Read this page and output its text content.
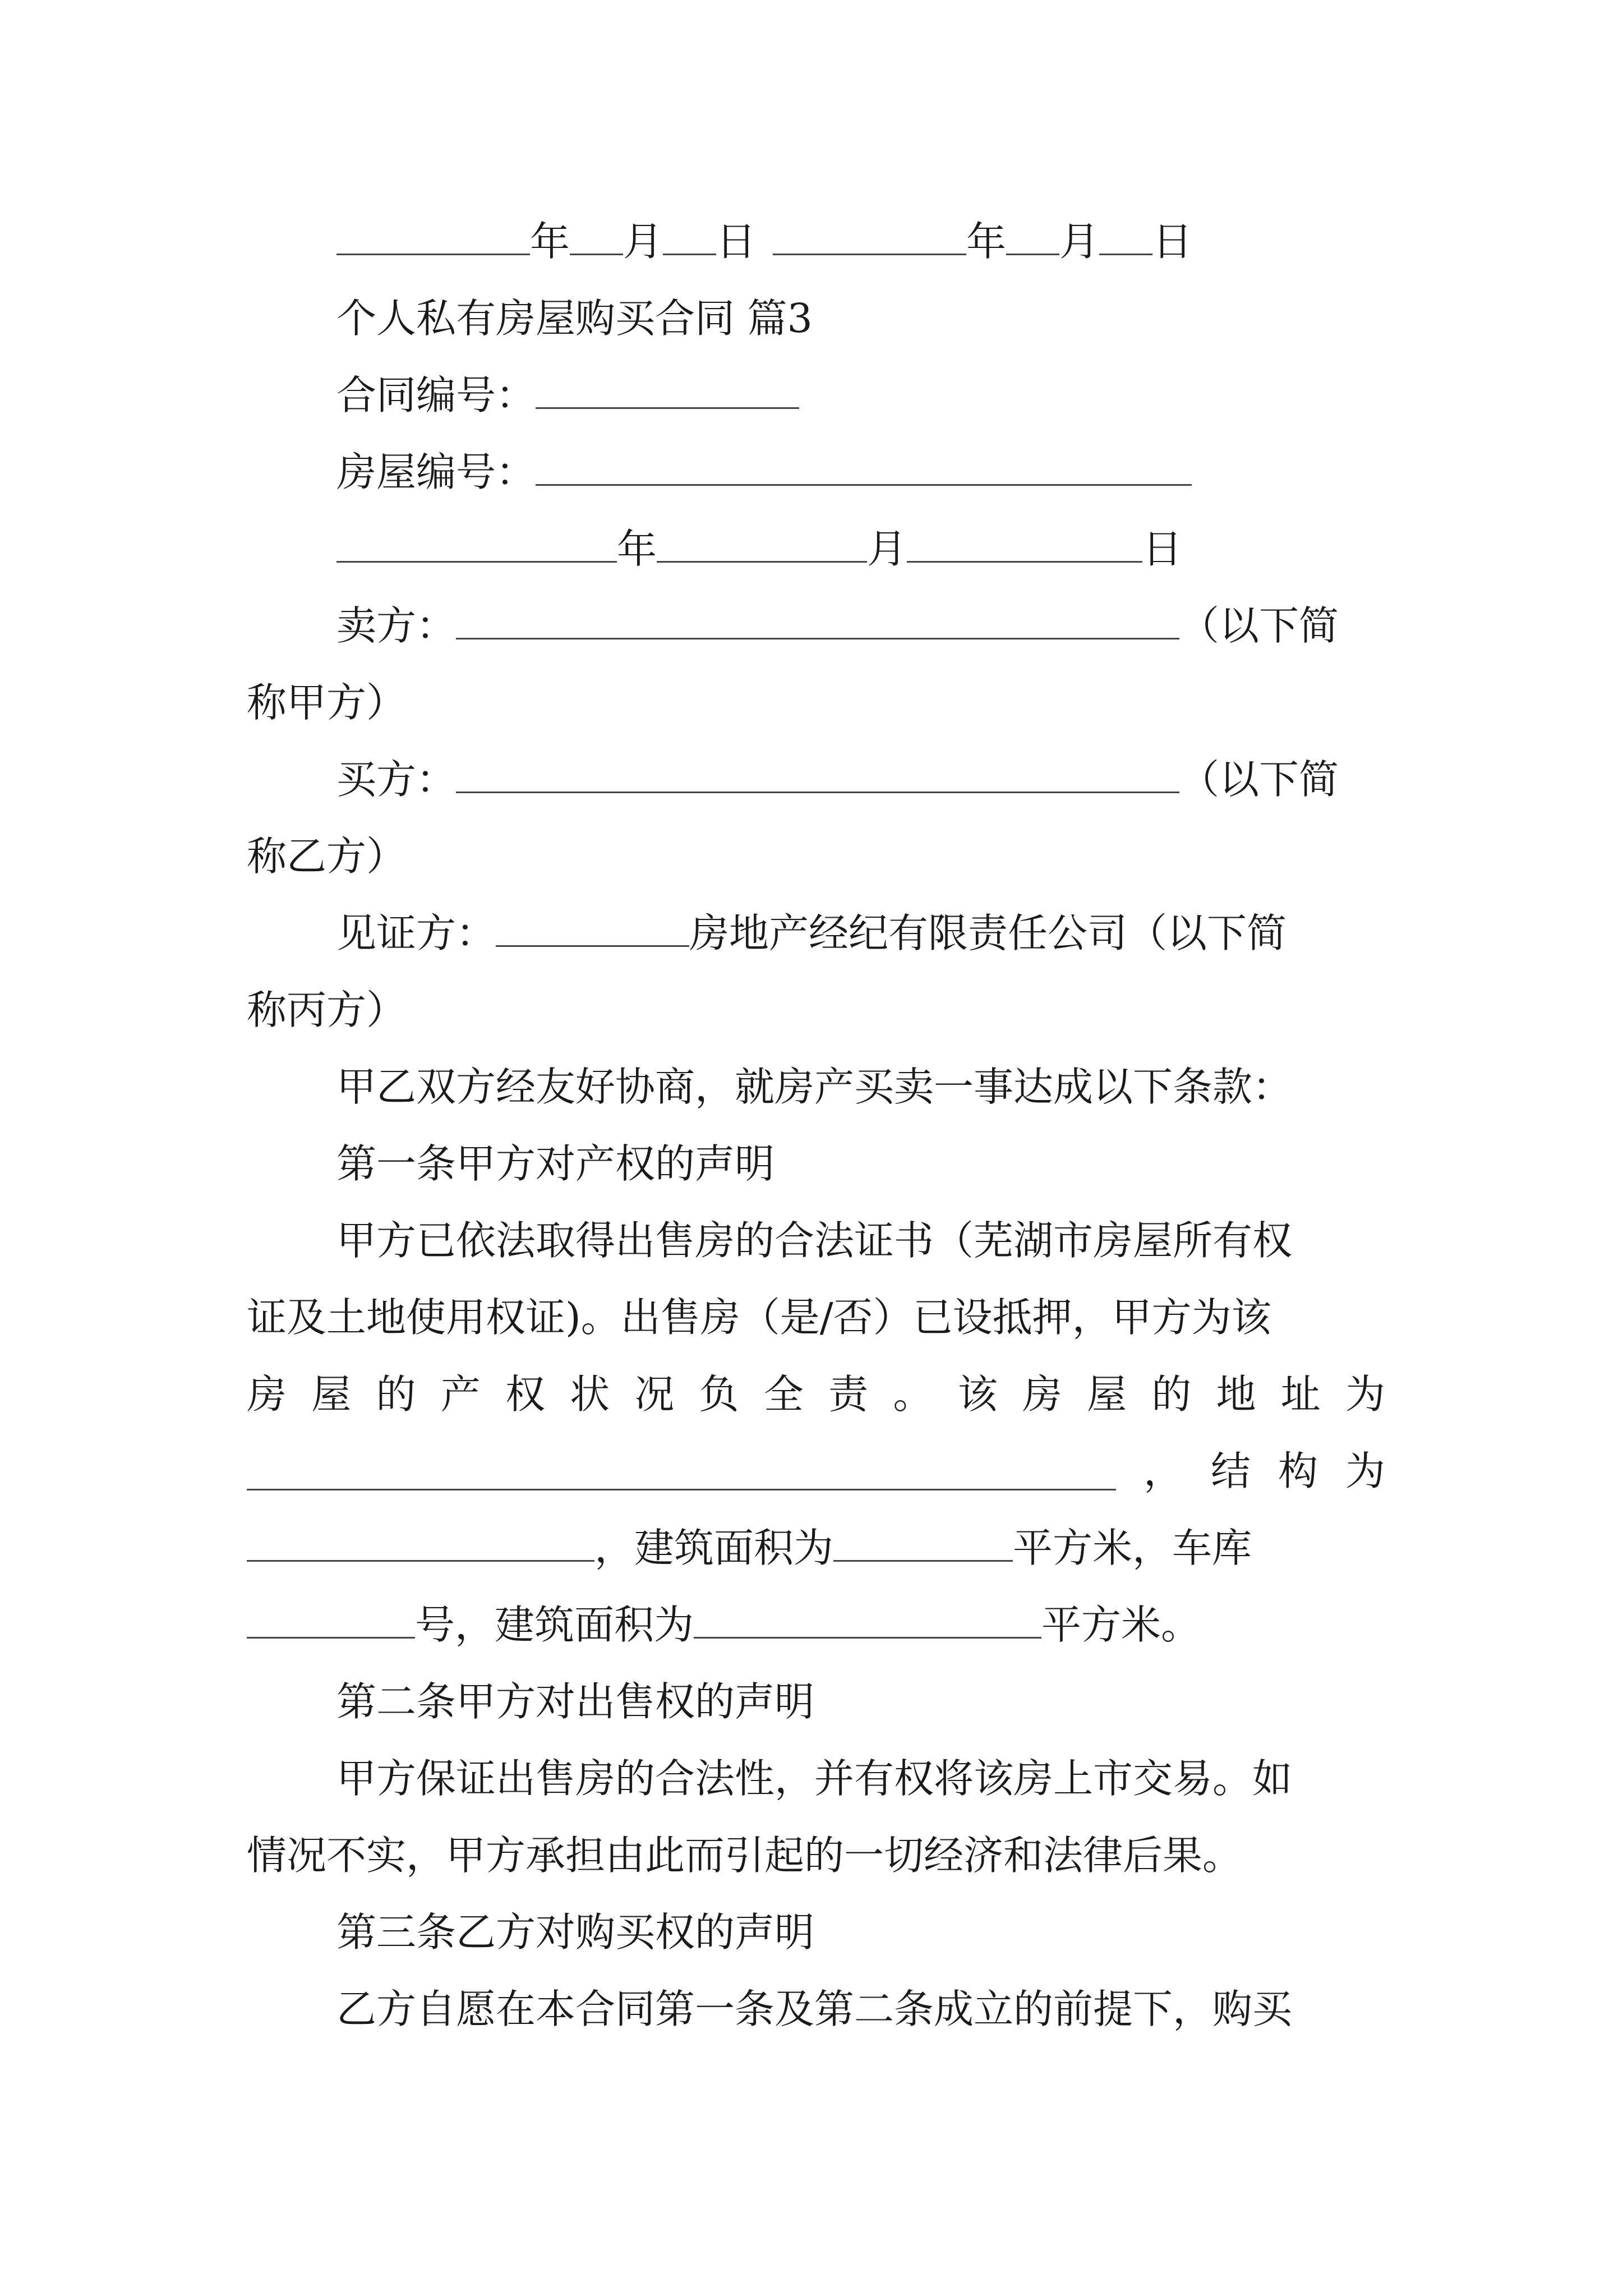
年 月 日	年 月 日
个人私有房屋购买合同 篇3
合同编号：
房屋编号：
年	月	日
卖方：	（以下简
称甲方）
买方：	（以下简
称乙方）
见证方：	房地产经纪有限责任公司（以下简
称丙方）
甲乙双方经友好协商，就房产买卖一事达成以下条款：
第一条甲方对产权的声明
甲方已依法取得出售房的合法证书（芜湖市房屋所有权
证及土地使用权证)。出售房（是/否）已设抵押，甲方为该
房 屋 的 产 权 状 况 负 全 责 。 该 房 屋 的 地 址 为
， 结 构 为
，建筑面积为	平方米，车库
号，建筑面积为	平方米。
第二条甲方对出售权的声明
甲方保证出售房的合法性，并有权将该房上市交易。如
情况不实，甲方承担由此而引起的一切经济和法律后果。
第三条乙方对购买权的声明
乙方自愿在本合同第一条及第二条成立的前提下，购买
